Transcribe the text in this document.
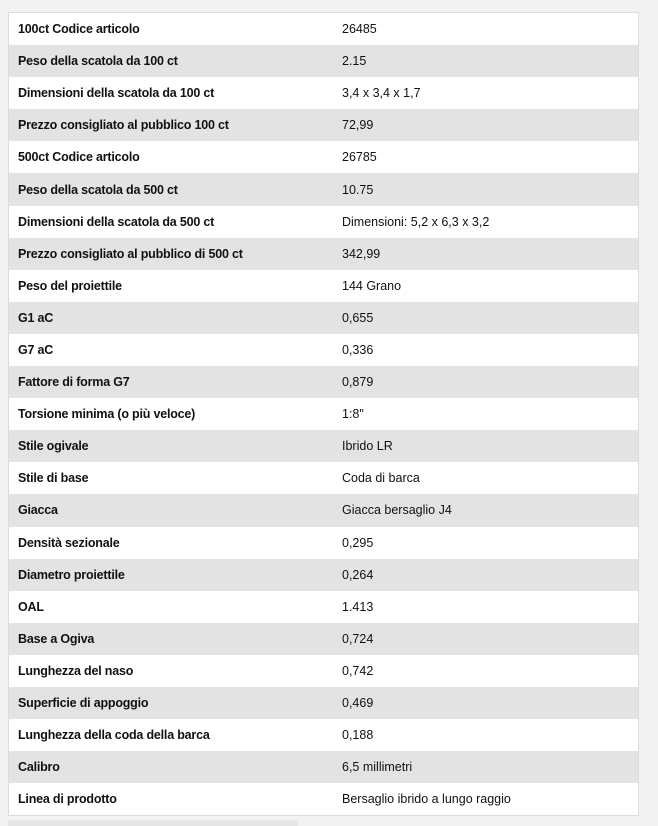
100ct Codice articolo	26485
Peso della scatola da 100 ct	2.15
Dimensioni della scatola da 100 ct	3,4 x 3,4 x 1,7
Prezzo consigliato al pubblico 100 ct	72,99
500ct Codice articolo	26785
Peso della scatola da 500 ct	10.75
Dimensioni della scatola da 500 ct	Dimensioni: 5,2 x 6,3 x 3,2
Prezzo consigliato al pubblico di 500 ct	342,99
Peso del proiettile	144 Grano
G1 aC	0,655
G7 aC	0,336
Fattore di forma G7	0,879
Torsione minima (o più veloce)	1:8"
Stile ogivale	Ibrido LR
Stile di base	Coda di barca
Giacca	Giacca bersaglio J4
Densità sezionale	0,295
Diametro proiettile	0,264
OAL	1.413
Base a Ogiva	0,724
Lunghezza del naso	0,742
Superficie di appoggio	0,469
Lunghezza della coda della barca	0,188
Calibro	6,5 millimetri
Linea di prodotto	Bersaglio ibrido a lungo raggio
